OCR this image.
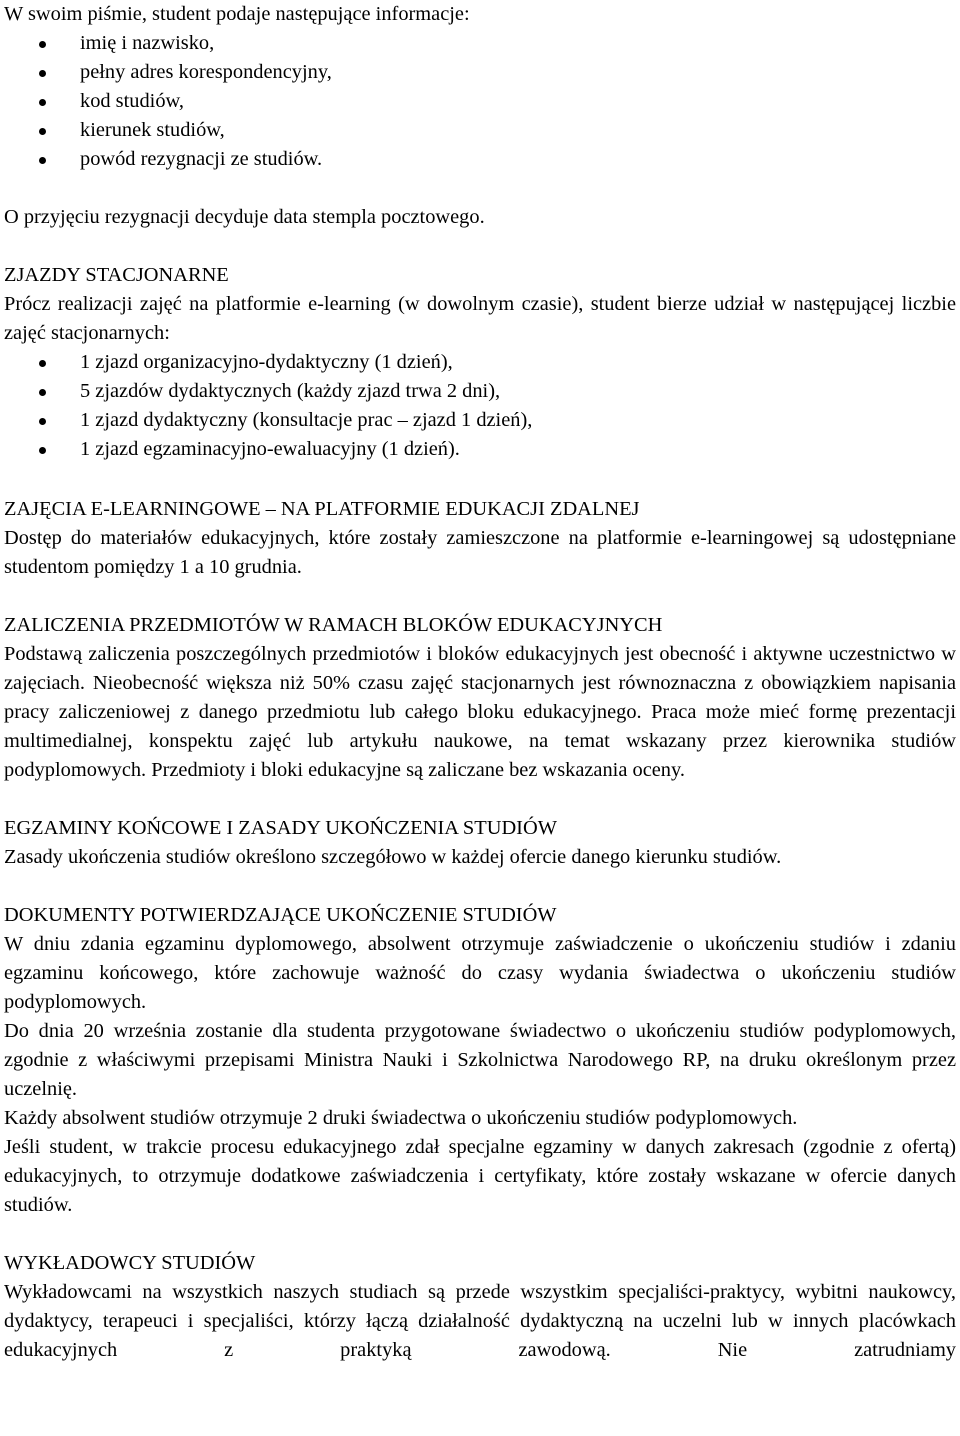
W swoim piśmie, student podaje następujące informacje:

imię i nazwisko,
pełny adres korespondencyjny,
kod studiów,
kierunek studiów,
powód rezygnacji ze studiów.

O przyjęciu rezygnacji decyduje data stempla pocztowego.

ZJAZDY STACJONARNE

Prócz realizacji zajęć na platformie e-learning (w dowolnym czasie), student bierze udział w następującej liczbie zajęć stacjonarnych:

1 zjazd organizacyjno-dydaktyczny (1 dzień),
5 zjazdów dydaktycznych (każdy zjazd trwa 2 dni),
1 zjazd dydaktyczny (konsultacje prac – zjazd 1 dzień),
1 zjazd egzaminacyjno-ewaluacyjny (1 dzień).
ZAJĘCIA E-LEARNINGOWE – NA PLATFORMIE EDUKACJI ZDALNEJ

Dostęp do materiałów edukacyjnych, które zostały zamieszczone na platformie e-learningowej są udostępniane studentom pomiędzy 1 a 10 grudnia.

ZALICZENIA PRZEDMIOTÓW W RAMACH BLOKÓW EDUKACYJNYCH

Podstawą zaliczenia poszczególnych przedmiotów i bloków edukacyjnych jest obecność i aktywne uczestnictwo w zajęciach. Nieobecność większa niż 50% czasu zajęć stacjonarnych jest równoznaczna z obowiązkiem napisania pracy zaliczeniowej z danego przedmiotu lub całego bloku edukacyjnego. Praca może mieć formę prezentacji multimedialnej, konspektu zajęć lub artykułu naukowe, na temat wskazany przez kierownika studiów podyplomowych. Przedmioty i bloki edukacyjne są zaliczane bez wskazania oceny.

EGZAMINY KOŃCOWE I ZASADY UKOŃCZENIA STUDIÓW

Zasady ukończenia studiów określono szczegółowo w każdej ofercie danego kierunku studiów.

DOKUMENTY POTWIERDZAJĄCE UKOŃCZENIE STUDIÓW

W dniu zdania egzaminu dyplomowego, absolwent otrzymuje zaświadczenie o ukończeniu studiów i zdaniu egzaminu końcowego, które zachowuje ważność do czasy wydania świadectwa o ukończeniu studiów podyplomowych.

Do dnia 20 września zostanie dla studenta przygotowane świadectwo o ukończeniu studiów podyplomowych, zgodnie z właściwymi przepisami Ministra Nauki i Szkolnictwa Narodowego RP, na druku określonym przez uczelnię.

Każdy absolwent studiów otrzymuje 2 druki świadectwa o ukończeniu studiów podyplomowych.

Jeśli student, w trakcie procesu edukacyjnego zdał specjalne egzaminy w danych zakresach (zgodnie z ofertą) edukacyjnych, to otrzymuje dodatkowe zaświadczenia i certyfikaty, które zostały wskazane w ofercie danych studiów.

WYKŁADOWCY STUDIÓW

Wykładowcami na wszystkich naszych studiach są przede wszystkim specjaliści-praktycy, wybitni naukowcy, dydaktycy, terapeuci i specjaliści, którzy łączą działalność dydaktyczną na uczelni lub w innych placówkach edukacyjnych z praktyką zawodową. Nie zatrudniamy
